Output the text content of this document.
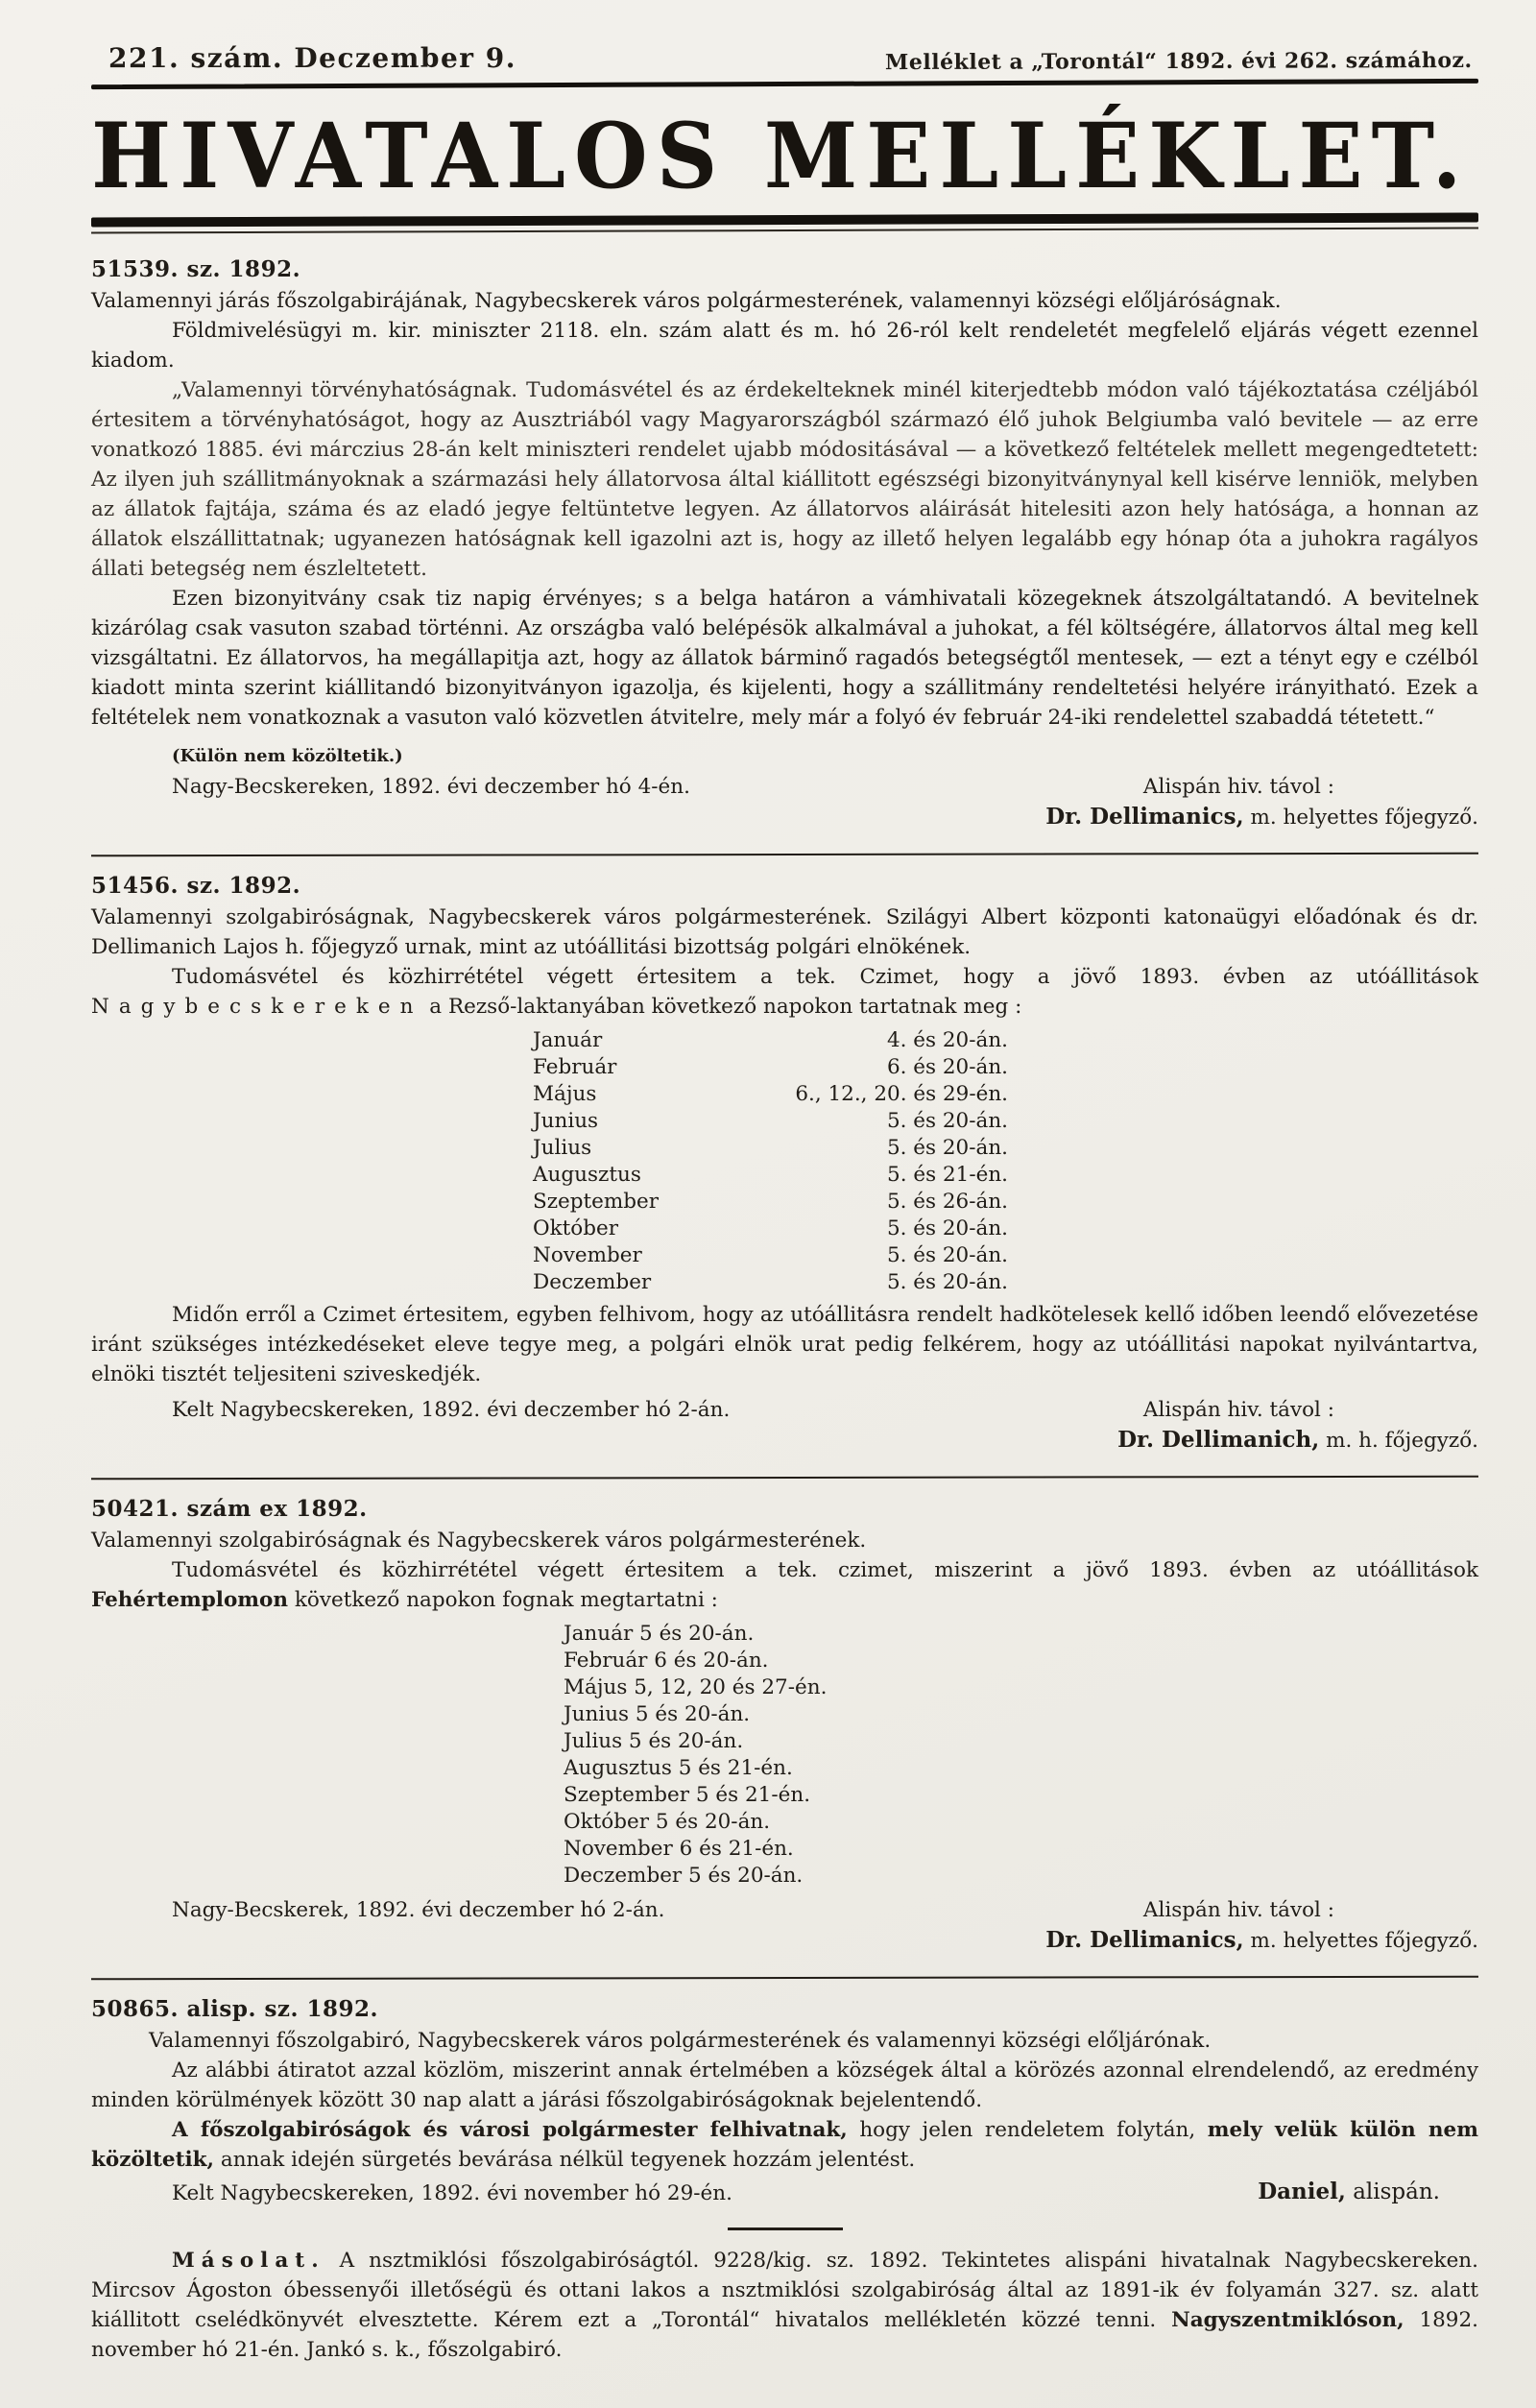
221. szám. Deczember 9.	Melléklet a „Torontál“ 1892. évi 262. számához.
HIVATALOS MELLÉKLET.
51539. sz. 1892.

Valamennyi járás főszolgabirájának, Nagybecskerek város polgármesterének, valamennyi községi előljáróságnak.

Földmivelésügyi m. kir. miniszter 2118. eln. szám alatt és m. hó 26-ról kelt rendeletét megfelelő eljárás végett ezennel kiadom.

„Valamennyi törvényhatóságnak. Tudomásvétel és az érdekelteknek minél kiterjedtebb módon való tájékoztatása czéljából értesitem a törvényhatóságot, hogy az Ausztriából vagy Magyarországból származó élő juhok Belgiumba való bevitele — az erre vonatkozó 1885. évi márczius 28-án kelt miniszteri rendelet ujabb módositásával — a következő feltételek mellett megengedtetett: Az ilyen juh szállitmányoknak a származási hely állatorvosa által kiállitott egészségi bizonyitványnyal kell kisérve lenniök, melyben az állatok fajtája, száma és az eladó jegye feltüntetve legyen. Az állatorvos aláirását hitelesiti azon hely hatósága, a honnan az állatok elszállittatnak; ugyanezen hatóságnak kell igazolni azt is, hogy az illető helyen legalább egy hónap óta a juhokra ragályos állati betegség nem észleltetett.

Ezen bizonyitvány csak tiz napig érvényes; s a belga határon a vámhivatali közegeknek átszolgáltatandó. A bevitelnek kizárólag csak vasuton szabad történni. Az országba való belépésök alkalmával a juhokat, a fél költségére, állatorvos által meg kell vizsgáltatni. Ez állatorvos, ha megállapitja azt, hogy az állatok bárminő ragadós betegségtől mentesek, — ezt a tényt egy e czélból kiadott minta szerint kiállitandó bizonyitványon igazolja, és kijelenti, hogy a szállitmány rendeltetési helyére irányitható. Ezek a feltételek nem vonatkoznak a vasuton való közvetlen átvitelre, mely már a folyó év február 24-iki rendelettel szabaddá tétetett.“

(Külön nem közöltetik.)
Nagy-Becskereken, 1892. évi deczember hó 4-én.	Alispán hiv. távol :
Dr. Dellimanics, m. helyettes főjegyző.
51456. sz. 1892.

Valamennyi szolgabiróságnak, Nagybecskerek város polgármesterének. Szilágyi Albert központi katonaügyi előadónak és dr. Dellimanich Lajos h. főjegyző urnak, mint az utóállitási bizottság polgári elnökének.

Tudomásvétel és közhirrététel végett értesitem a tek. Czimet, hogy a jövő 1893. évben az utóállitások Nagybecskereken a Rezső-laktanyában következő napokon tartatnak meg :

Január	4. és 20-án.
Február	6. és 20-án.
Május	6., 12., 20. és 29-én.
Junius	5. és 20-án.
Julius	5. és 20-án.
Augusztus	5. és 21-én.
Szeptember	5. és 26-án.
Október	5. és 20-án.
November	5. és 20-án.
Deczember	5. és 20-án.

Midőn erről a Czimet értesitem, egyben felhivom, hogy az utóállitásra rendelt hadkötelesek kellő időben leendő elővezetése iránt szükséges intézkedéseket eleve tegye meg, a polgári elnök urat pedig felkérem, hogy az utóállitási napokat nyilvántartva, elnöki tisztét teljesiteni sziveskedjék.

Kelt Nagybecskereken, 1892. évi deczember hó 2-án.	Alispán hiv. távol :
Dr. Dellimanich, m. h. főjegyző.
50421. szám ex 1892.

Valamennyi szolgabiróságnak és Nagybecskerek város polgármesterének.

Tudomásvétel és közhirrététel végett értesitem a tek. czimet, miszerint a jövő 1893. évben az utóállitások Fehértemplomon következő napokon fognak megtartatni :

Január 5 és 20-án.
Február 6 és 20-án.
Május 5, 12, 20 és 27-én.
Junius 5 és 20-án.
Julius 5 és 20-án.
Augusztus 5 és 21-én.
Szeptember 5 és 21-én.
Október 5 és 20-án.
November 6 és 21-én.
Deczember 5 és 20-án.
Nagy-Becskerek, 1892. évi deczember hó 2-án.	Alispán hiv. távol :
Dr. Dellimanics, m. helyettes főjegyző.
50865. alisp. sz. 1892.

Valamennyi főszolgabiró, Nagybecskerek város polgármesterének és valamennyi községi előljárónak.

Az alábbi átiratot azzal közlöm, miszerint annak értelmében a községek által a körözés azonnal elrendelendő, az eredmény minden körülmények között 30 nap alatt a járási főszolgabiróságoknak bejelentendő.

A főszolgabiróságok és városi polgármester felhivatnak, hogy jelen rendeletem folytán, mely velük külön nem közöltetik, annak idején sürgetés bevárása nélkül tegyenek hozzám jelentést.

Kelt Nagybecskereken, 1892. évi november hó 29-én.	Daniel, alispán.

Másolat. A nsztmiklósi főszolgabiróságtól. 9228/kig. sz. 1892. Tekintetes alispáni hivatalnak Nagybecskereken. Mircsov Ágoston óbessenyői illetőségü és ottani lakos a nsztmiklósi szolgabiróság által az 1891-ik év folyamán 327. sz. alatt kiállitott cselédkönyvét elvesztette. Kérem ezt a „Torontál“ hivatalos mellékletén közzé tenni. Nagyszentmiklóson, 1892. november hó 21-én. Jankó s. k., főszolgabiró.
